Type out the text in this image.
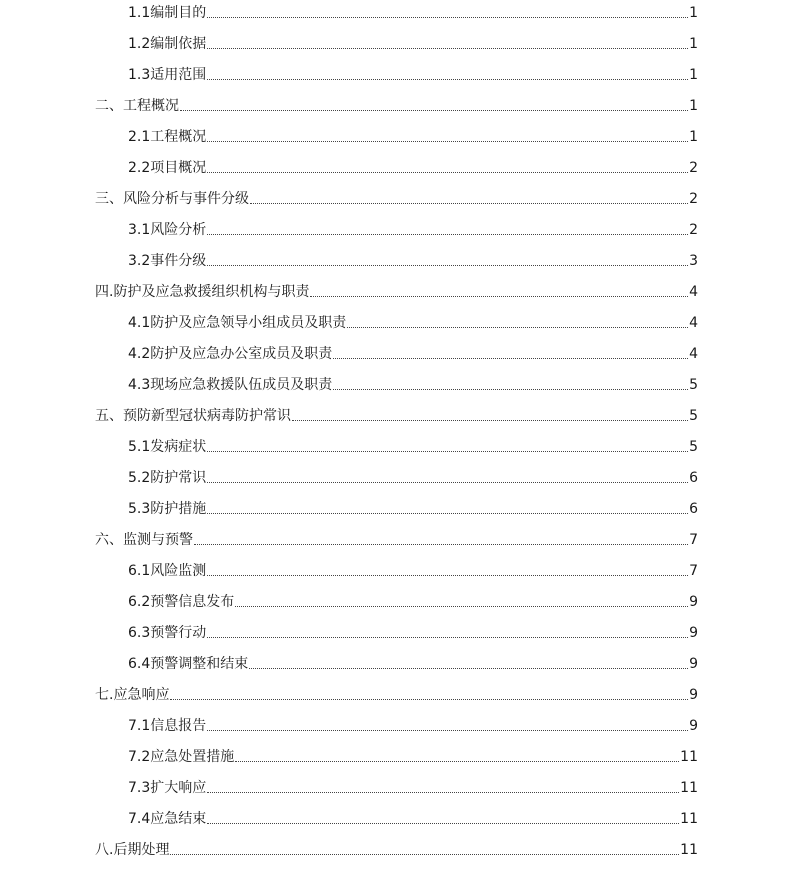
1.1编制目的	1
1.2编制依据	1
1.3适用范围	1
二、工程概况	1
2.1工程概况	1
2.2项目概况	2
三、风险分析与事件分级	2
3.1风险分析	2
3.2事件分级	3
四.防护及应急救援组织机构与职责	4
4.1防护及应急领导小组成员及职责	4
4.2防护及应急办公室成员及职责	4
4.3现场应急救援队伍成员及职责	5
五、预防新型冠状病毒防护常识	5
5.1发病症状	5
5.2防护常识	6
5.3防护措施	6
六、监测与预警	7
6.1风险监测	7
6.2预警信息发布	9
6.3预警行动	9
6.4预警调整和结束	9
七.应急响应	9
7.1信息报告	9
7.2应急处置措施	11
7.3扩大响应	11
7.4应急结束	11
八.后期处理	11
